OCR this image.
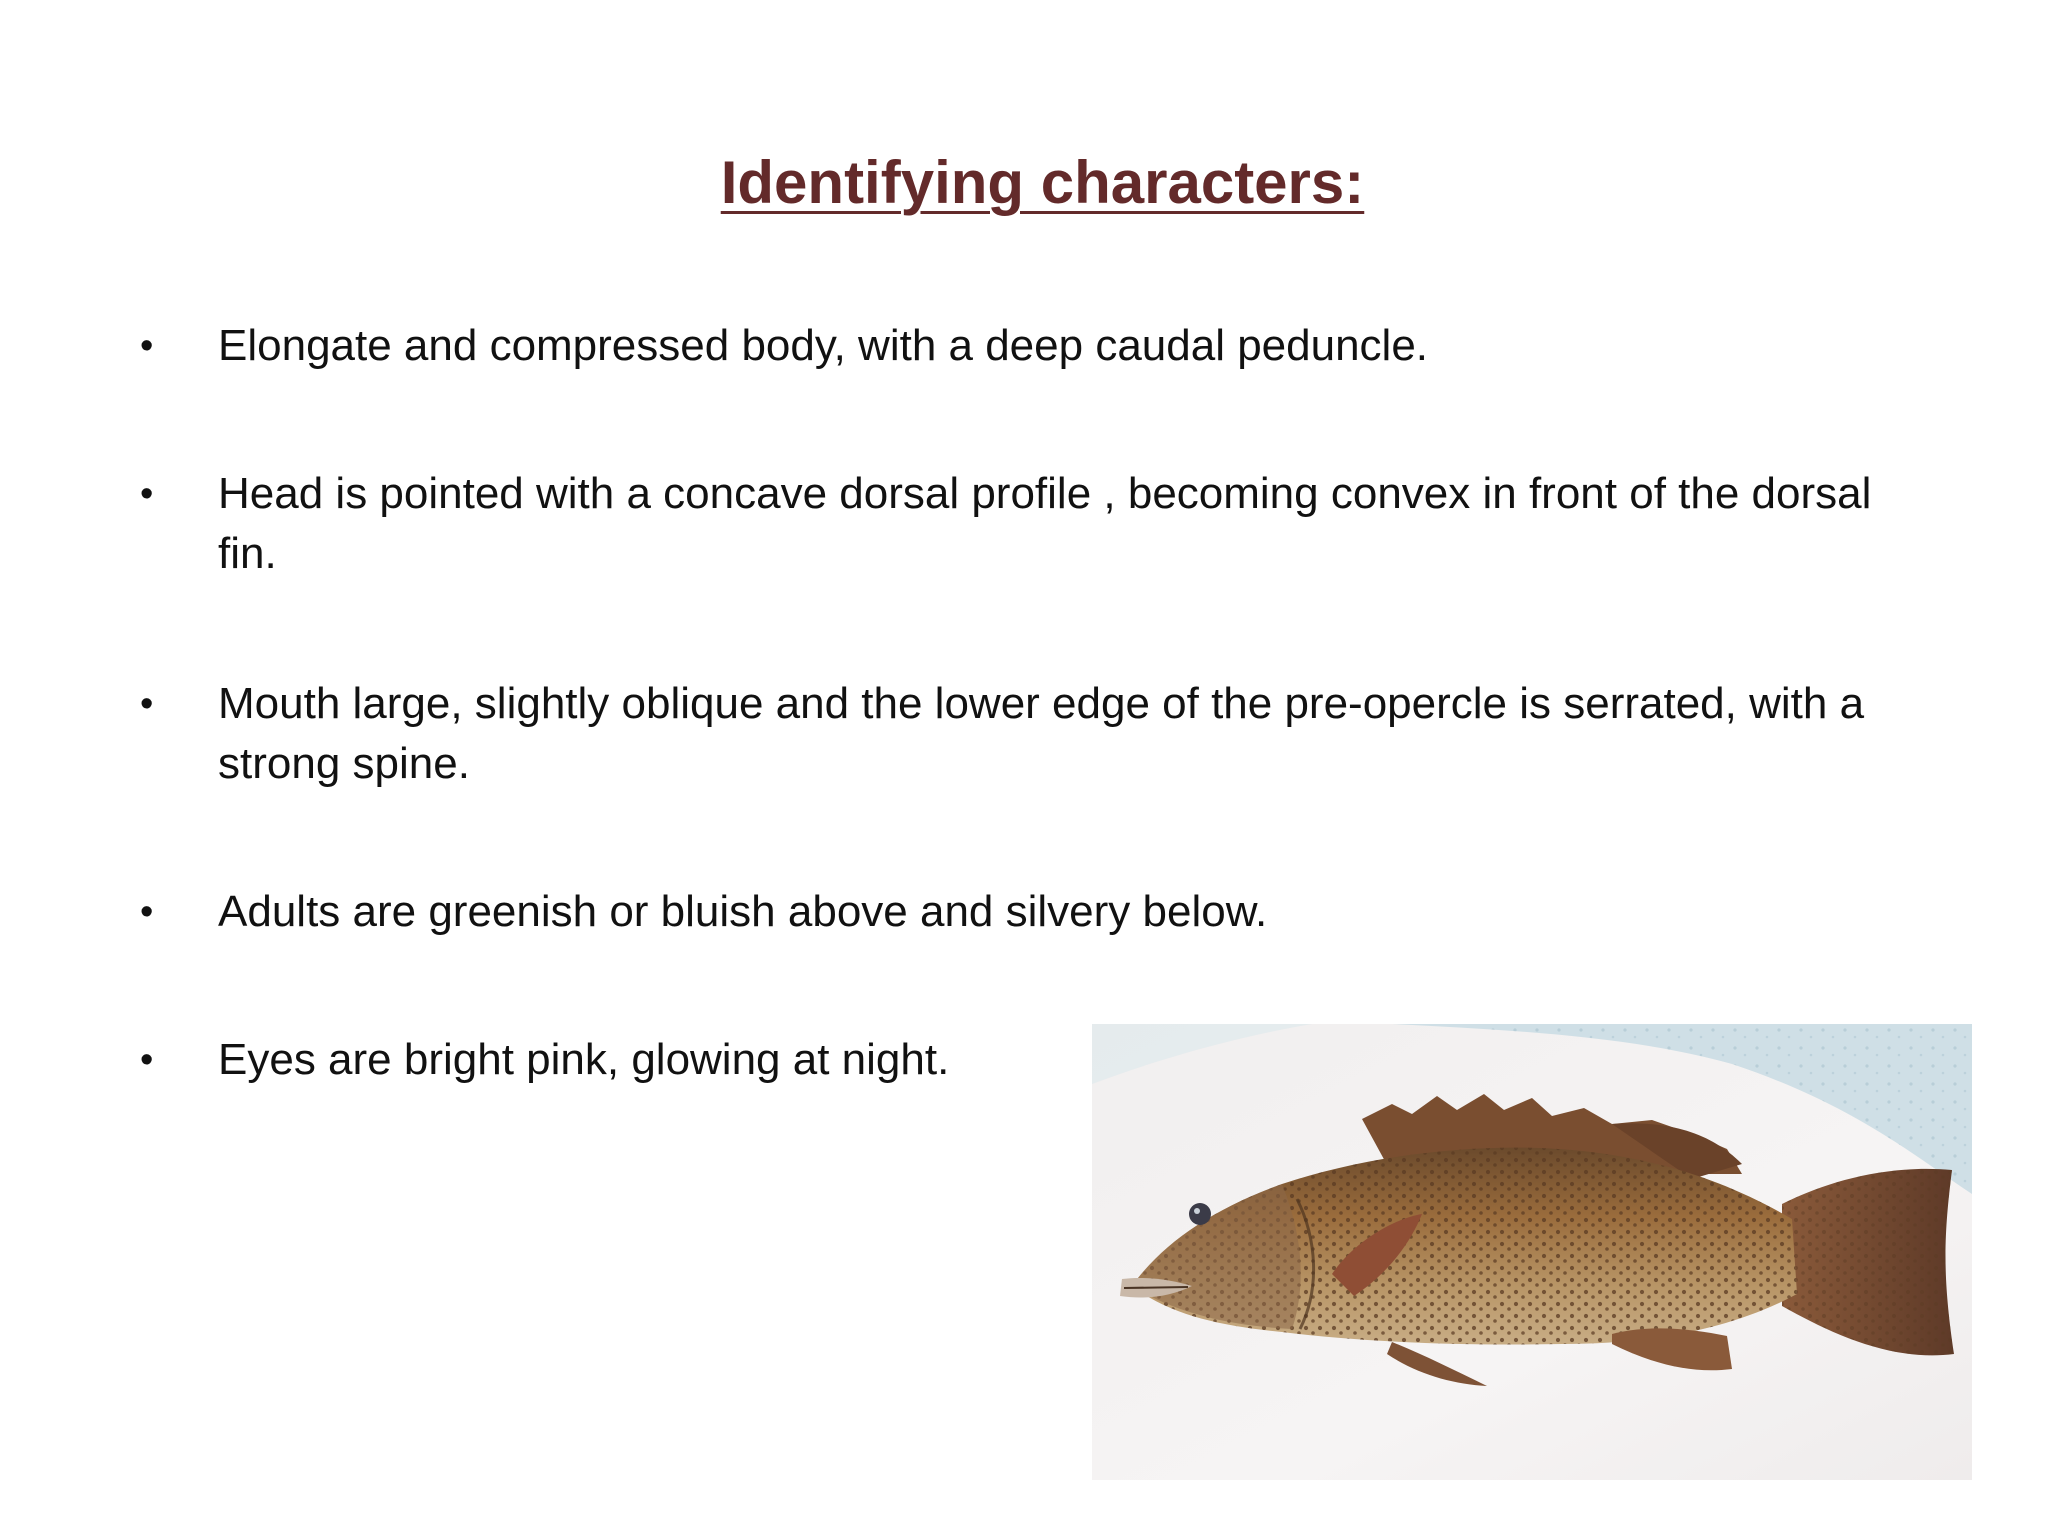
Identifying characters:
•	Elongate and compressed body, with a deep caudal peduncle.
•	Head is pointed with a concave dorsal profile , becoming convex in front of the dorsal fin.
•	Mouth large, slightly oblique and the lower edge of the pre-opercle is serrated, with a strong spine.
•	Adults are greenish or bluish above and silvery below.
•	Eyes are bright pink, glowing at night.
